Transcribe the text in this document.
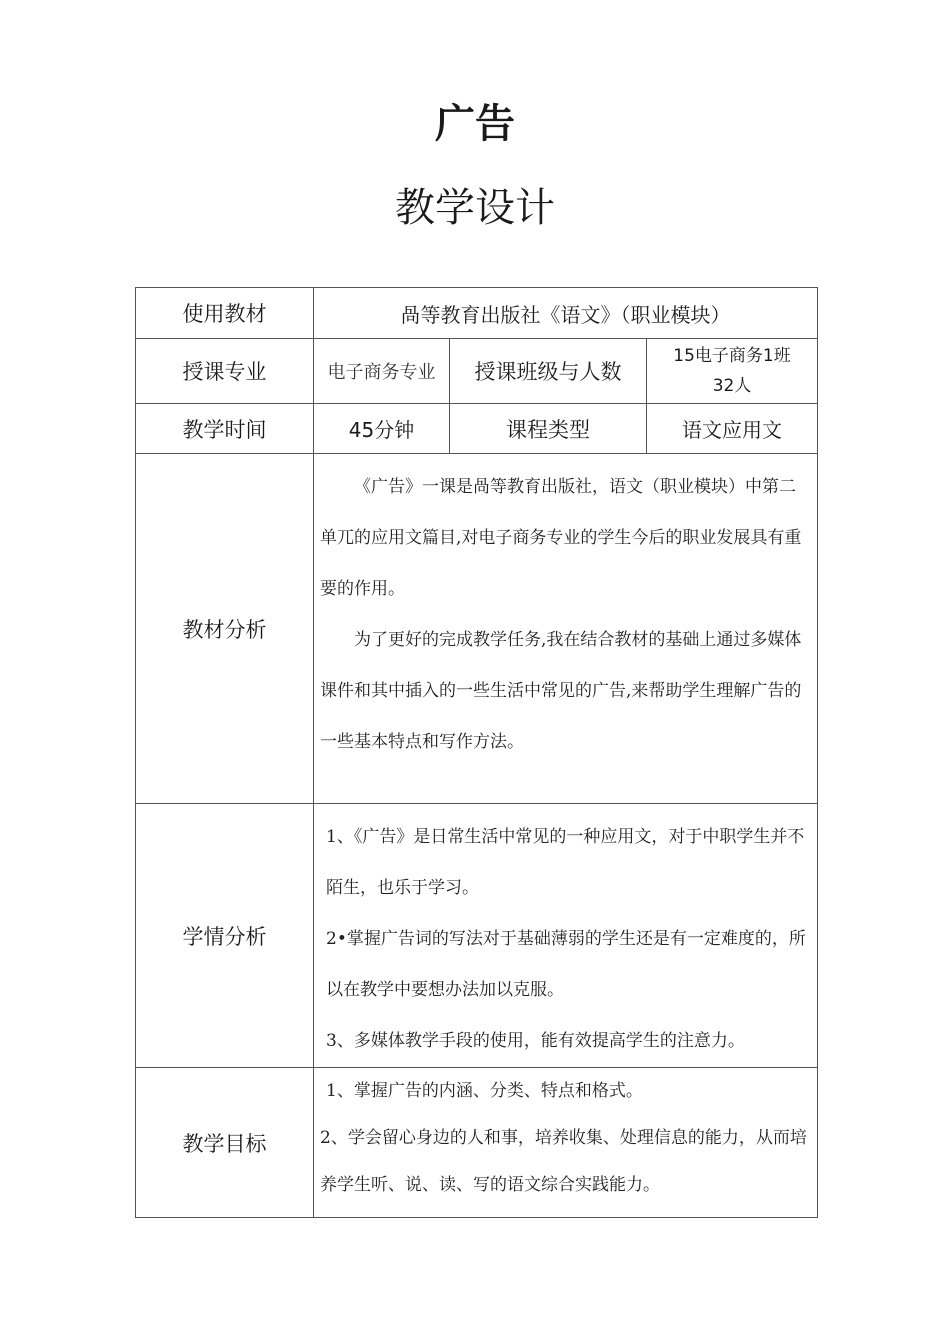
广告
教学设计
使用教材	咼等教育出版社《语文》（职业模块）		
授课专业	电子商务专业	授课班级与人数	15电子商务1班
32人

教学时间	45分钟	课程类型	语文应用文
教材分析	《广告》一课是咼等教育出版社，语文（职业模块）中第二单兀的应用文篇目,对电子商务专业的学生今后的职业发展具有重要的作用。

为了更好的完成教学任务,我在结合教材的基础上通过多媒体课件和其中插入的一些生活中常见的广告,来帮助学生理解广告的一些基本特点和写作方法。		

学情分析	1、《广告》是日常生活中常见的一种应用文，对于中职学生并不陌生，也乐于学习。

2•掌握广告词的写法对于基础薄弱的学生还是有一定难度的，所以在教学中要想办法加以克服。

3、多媒体教学手段的使用，能有效提高学生的注意力。		

教学目标	1、掌握广告的内涵、分类、特点和格式。

2、学会留心身边的人和事，培养收集、处理信息的能力，从而培养学生听、说、读、写的语文综合实践能力。		
